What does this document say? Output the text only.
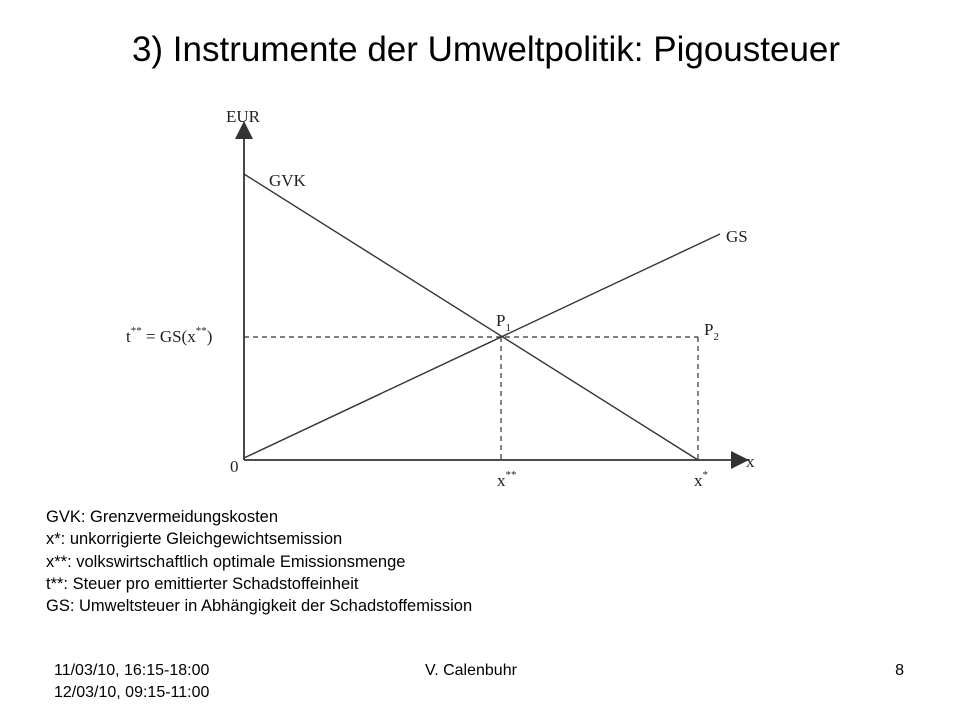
3) Instrumente der Umweltpolitik: Pigousteuer
EUR
x
0
GVK
GS
$P_1$	$P_2$
x**	x*
t** = GS(x**)
GVK: Grenzvermeidungskosten
x*: unkorrigierte Gleichgewichtsemission
x**: volkswirtschaftlich optimale Emissionsmenge
t**: Steuer pro emittierter Schadstoffeinheit
GS: Umweltsteuer in Abhängigkeit der Schadstoffemission
11/03/10, 16:15-18:00
12/03/10, 09:15-11:00
V. Calenbuhr	8
